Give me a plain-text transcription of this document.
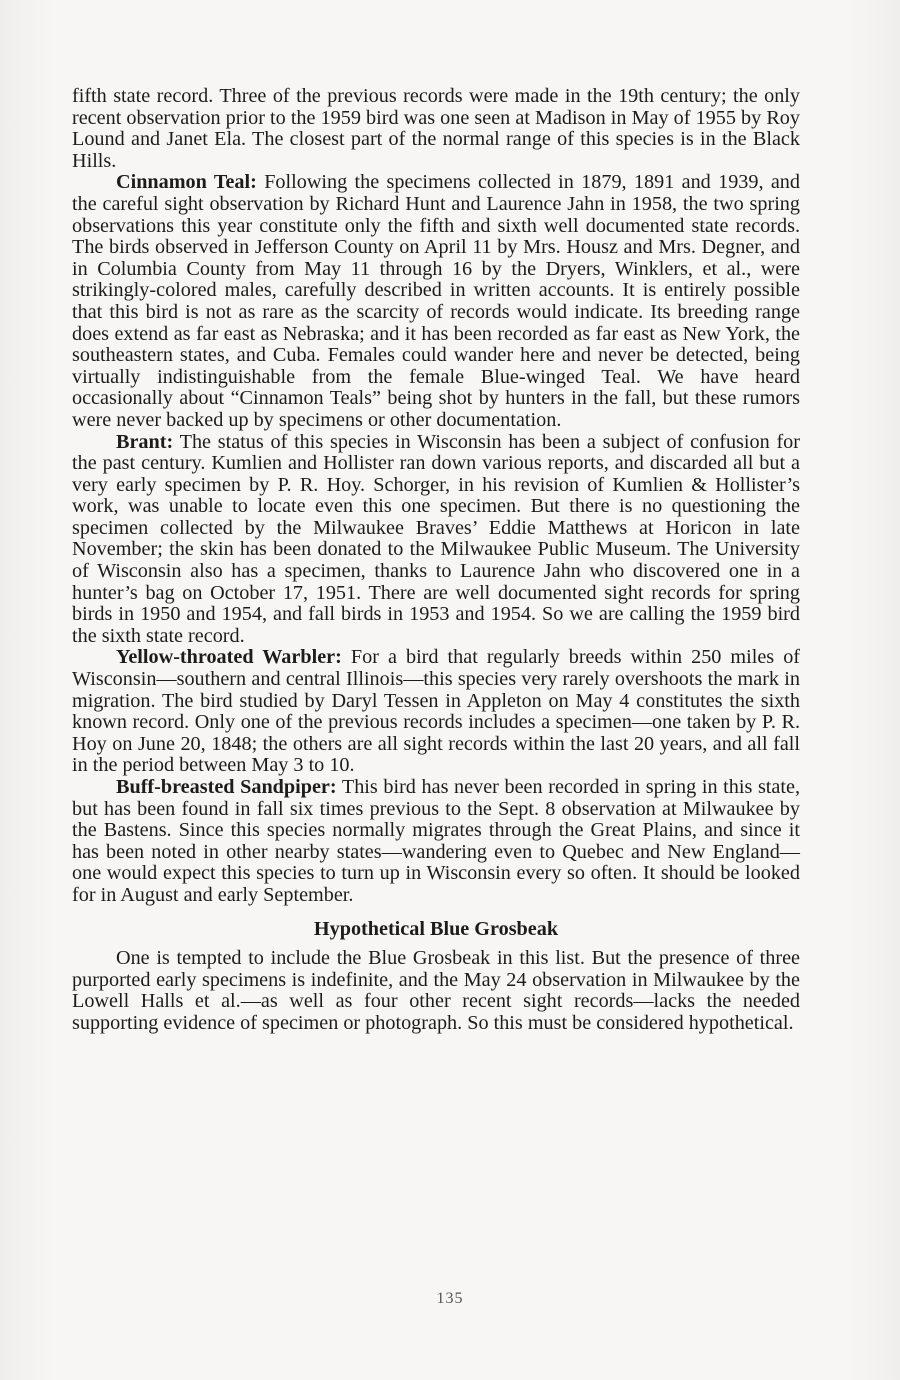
fifth state record. Three of the previous records were made in the 19th century; the only recent observation prior to the 1959 bird was one seen at Madison in May of 1955 by Roy Lound and Janet Ela. The closest part of the normal range of this species is in the Black Hills.

Cinnamon Teal: Following the specimens collected in 1879, 1891 and 1939, and the careful sight observation by Richard Hunt and Laurence Jahn in 1958, the two spring observations this year constitute only the fifth and sixth well documented state records. The birds observed in Jefferson County on April 11 by Mrs. Housz and Mrs. Degner, and in Columbia County from May 11 through 16 by the Dryers, Winklers, et al., were strikingly-colored males, carefully described in written accounts. It is entirely possible that this bird is not as rare as the scarcity of records would indicate. Its breeding range does extend as far east as Nebraska; and it has been recorded as far east as New York, the southeastern states, and Cuba. Females could wander here and never be detected, being virtually indistinguishable from the female Blue-winged Teal. We have heard occasionally about “Cinnamon Teals” being shot by hunters in the fall, but these rumors were never backed up by specimens or other documentation.

Brant: The status of this species in Wisconsin has been a subject of confusion for the past century. Kumlien and Hollister ran down various reports, and discarded all but a very early specimen by P. R. Hoy. Schorger, in his revision of Kumlien & Hollister’s work, was unable to locate even this one specimen. But there is no questioning the specimen collected by the Milwaukee Braves’ Eddie Matthews at Horicon in late November; the skin has been donated to the Milwaukee Public Museum. The University of Wisconsin also has a specimen, thanks to Laurence Jahn who discovered one in a hunter’s bag on October 17, 1951. There are well documented sight records for spring birds in 1950 and 1954, and fall birds in 1953 and 1954. So we are calling the 1959 bird the sixth state record.

Yellow-throated Warbler: For a bird that regularly breeds within 250 miles of Wisconsin—southern and central Illinois—this species very rarely overshoots the mark in migration. The bird studied by Daryl Tessen in Appleton on May 4 constitutes the sixth known record. Only one of the previous records includes a specimen—one taken by P. R. Hoy on June 20, 1848; the others are all sight records within the last 20 years, and all fall in the period between May 3 to 10.

Buff-breasted Sandpiper: This bird has never been recorded in spring in this state, but has been found in fall six times previous to the Sept. 8 observation at Milwaukee by the Bastens. Since this species normally migrates through the Great Plains, and since it has been noted in other nearby states—wandering even to Quebec and New England—one would expect this species to turn up in Wisconsin every so often. It should be looked for in August and early September.

Hypothetical Blue Grosbeak

One is tempted to include the Blue Grosbeak in this list. But the presence of three purported early specimens is indefinite, and the May 24 observation in Milwaukee by the Lowell Halls et al.—as well as four other recent sight records—lacks the needed supporting evidence of specimen or photograph. So this must be considered hypothetical.

135
